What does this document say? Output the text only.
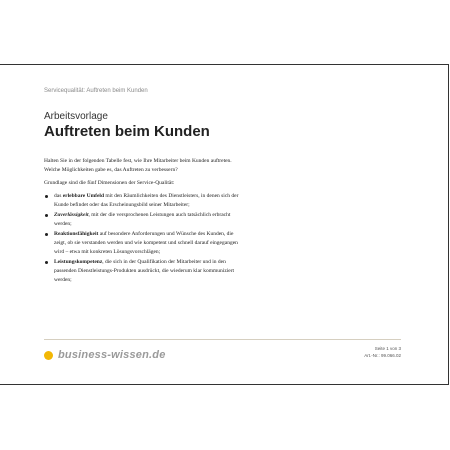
Servicequalität: Auftreten beim Kunden
Arbeitsvorlage
Auftreten beim Kunden

Halten Sie in der folgenden Tabelle fest, wie Ihre Mitarbeiter beim Kunden auftreten. Welche Möglichkeiten gabe es, das Auftreten zu verbessern?

Grundlage sind die fünf Dimensionen der Service-Qualität:

das erlebbare Umfeld mit den Räumlichkeiten des Dienstleisters, in denen sich der Kunde befindet oder das Erscheinungsbild seiner Mitarbeiter;
Zuverlässigkeit, mit der die versprochenen Leistungen auch tatsächlich erbracht werden;
Reaktionsfähigkeit auf besondere Anforderungen und Wünsche des Kunden, die zeigt, ob sie verstanden werden und wie kompetent und schnell darauf eingegangen wird – etwa mit konkreten Lösungsvorschlägen;
Leistungskompetenz, die sich in der Qualifikation der Mitarbeiter und in den passenden Dienstleistungs-Produkten ausdrückt, die wiederum klar kommuniziert werden;
business-wissen.de
Seite 1 von 3
Art.-Nr.: 99.066.02
